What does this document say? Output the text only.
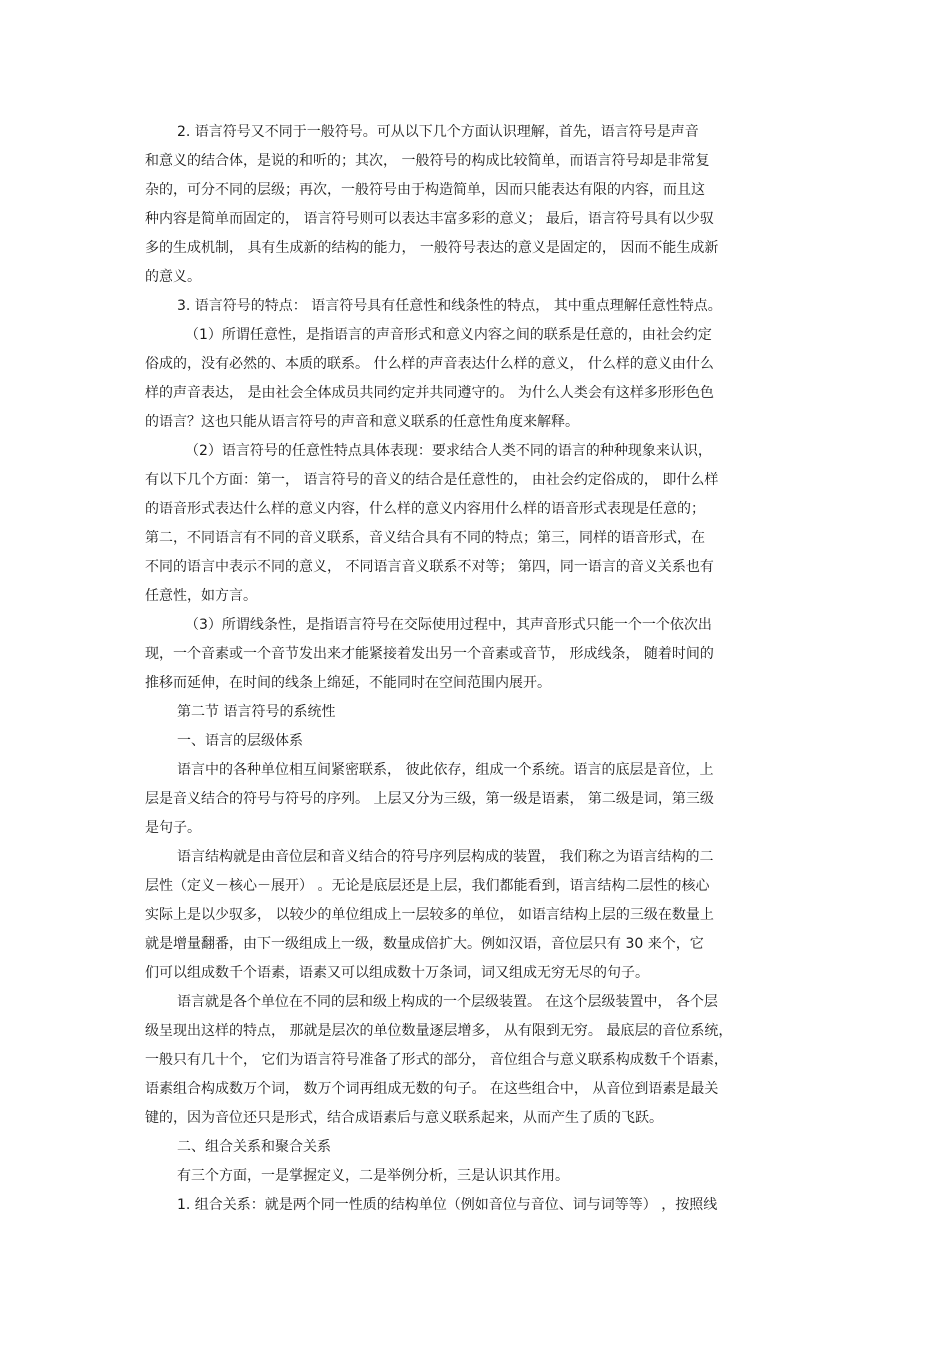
2. 语言符号又不同于一般符号。可从以下几个方面认识理解，首先，语言符号是声音
和意义的结合体，是说的和听的；其次， 一般符号的构成比较简单，而语言符号却是非常复
杂的，可分不同的层级；再次，一般符号由于构造简单，因而只能表达有限的内容，而且这
种内容是简单而固定的， 语言符号则可以表达丰富多彩的意义； 最后，语言符号具有以少驭
多的生成机制， 具有生成新的结构的能力， 一般符号表达的意义是固定的， 因而不能生成新
的意义。
3. 语言符号的特点： 语言符号具有任意性和线条性的特点， 其中重点理解任意性特点。
（1）所谓任意性，是指语言的声音形式和意义内容之间的联系是任意的，由社会约定
俗成的，没有必然的、本质的联系。 什么样的声音表达什么样的意义， 什么样的意义由什么
样的声音表达， 是由社会全体成员共同约定并共同遵守的。 为什么人类会有这样多形形色色
的语言？这也只能从语言符号的声音和意义联系的任意性角度来解释。
（2）语言符号的任意性特点具体表现：要求结合人类不同的语言的种种现象来认识，
有以下几个方面：第一， 语言符号的音义的结合是任意性的， 由社会约定俗成的， 即什么样
的语音形式表达什么样的意义内容，什么样的意义内容用什么样的语音形式表现是任意的；
第二，不同语言有不同的音义联系，音义结合具有不同的特点；第三，同样的语音形式，在
不同的语言中表示不同的意义， 不同语言音义联系不对等； 第四，同一语言的音义关系也有
任意性，如方言。
（3）所谓线条性，是指语言符号在交际使用过程中，其声音形式只能一个一个依次出
现，一个音素或一个音节发出来才能紧接着发出另一个音素或音节， 形成线条， 随着时间的
推移而延伸，在时间的线条上绵延，不能同时在空间范围内展开。
第二节 语言符号的系统性
一、语言的层级体系
语言中的各种单位相互间紧密联系， 彼此依存，组成一个系统。语言的底层是音位，上
层是音义结合的符号与符号的序列。 上层又分为三级，第一级是语素， 第二级是词，第三级
是句子。
语言结构就是由音位层和音义结合的符号序列层构成的装置， 我们称之为语言结构的二
层性（定义－核心－展开） 。无论是底层还是上层，我们都能看到，语言结构二层性的核心
实际上是以少驭多， 以较少的单位组成上一层较多的单位， 如语言结构上层的三级在数量上
就是增量翻番，由下一级组成上一级，数量成倍扩大。例如汉语，音位层只有 30 来个，它
们可以组成数千个语素，语素又可以组成数十万条词，词又组成无穷无尽的句子。
语言就是各个单位在不同的层和级上构成的一个层级装置。 在这个层级装置中， 各个层
级呈现出这样的特点， 那就是层次的单位数量逐层增多， 从有限到无穷。 最底层的音位系统，
一般只有几十个， 它们为语言符号准备了形式的部分， 音位组合与意义联系构成数千个语素，
语素组合构成数万个词， 数万个词再组成无数的句子。 在这些组合中， 从音位到语素是最关
键的，因为音位还只是形式，结合成语素后与意义联系起来，从而产生了质的飞跃。
二、组合关系和聚合关系
有三个方面，一是掌握定义，二是举例分析，三是认识其作用。
1. 组合关系：就是两个同一性质的结构单位（例如音位与音位、词与词等等） ，按照线
